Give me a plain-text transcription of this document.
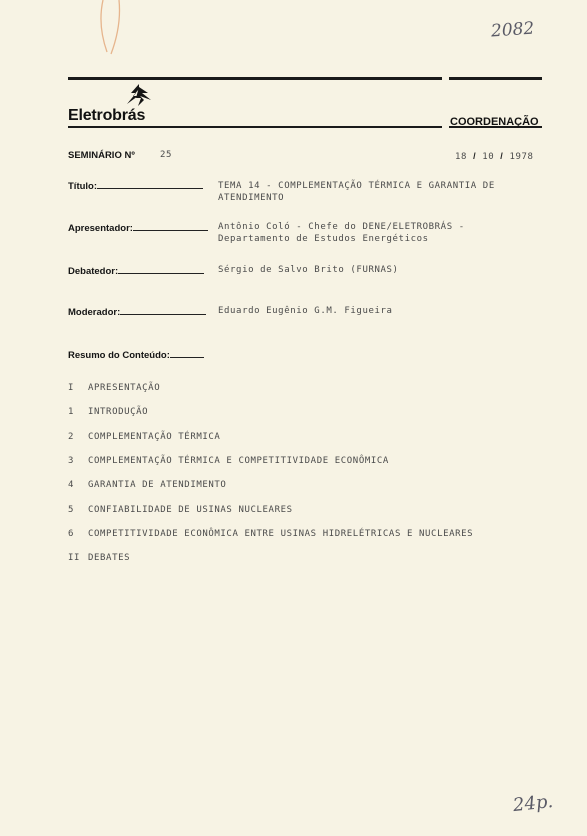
2082
24p.
Eletrobrás	COORDENAÇÃO
SEMINÁRIO Nº	25	18 / 10 / 1978
Título:	TEMA 14 - COMPLEMENTAÇÃO TÉRMICA E GARANTIA DE
ATENDIMENTO
Apresentador:	Antônio Coló - Chefe do DENE/ELETROBRÁS -
Departamento de Estudos Energéticos
Debatedor:	Sérgio de Salvo Brito (FURNAS)
Moderador:	Eduardo Eugênio G.M. Figueira
Resumo do Conteúdo:
I APRESENTAÇÃO
1 INTRODUÇÃO
2 COMPLEMENTAÇÃO TÉRMICA
3 COMPLEMENTAÇÃO TÉRMICA E COMPETITIVIDADE ECONÔMICA
4 GARANTIA DE ATENDIMENTO
5 CONFIABILIDADE DE USINAS NUCLEARES
6 COMPETITIVIDADE ECONÔMICA ENTRE USINAS HIDRELÉTRICAS E NUCLEARES
II DEBATES
